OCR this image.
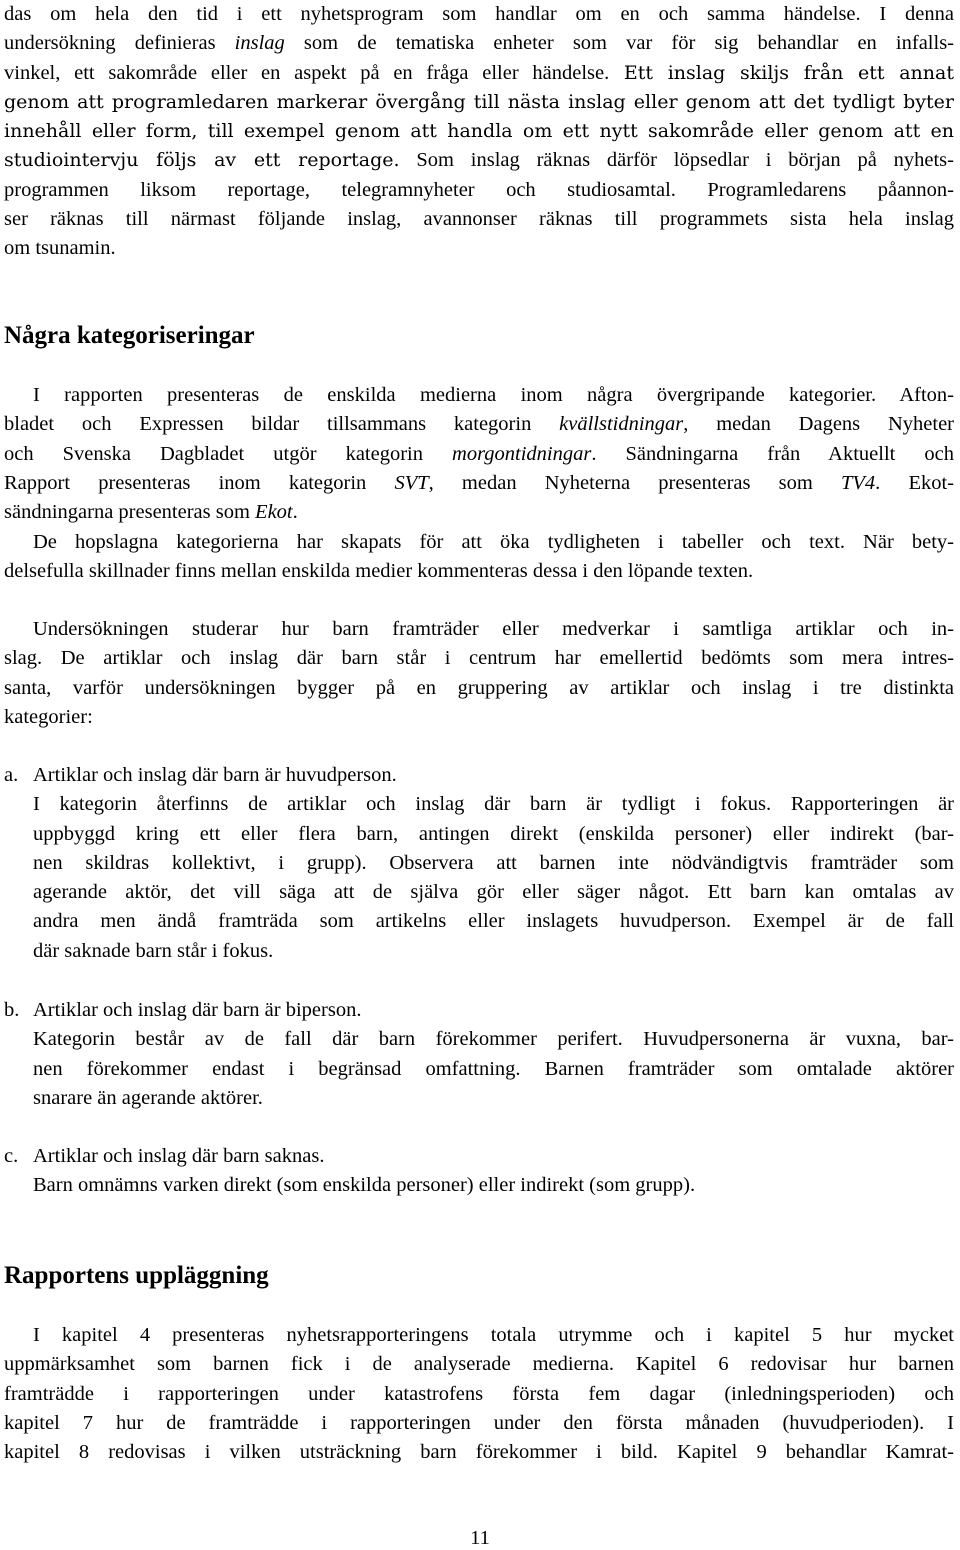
das om hela den tid i ett nyhetsprogram som handlar om en och samma händelse. I denna
undersökning definieras inslag som de tematiska enheter som var för sig behandlar en infalls-
vinkel, ett sakområde eller en aspekt på en fråga eller händelse. Ett inslag skiljs från ett annat
genom att programledaren markerar övergång till nästa inslag eller genom att det tydligt byter
innehåll eller form, till exempel genom att handla om ett nytt sakområde eller genom att en
studiointervju följs av ett reportage. Som inslag räknas därför löpsedlar i början på nyhets-
programmen liksom reportage, telegramnyheter och studiosamtal. Programledarens påannon-
ser räknas till närmast följande inslag, avannonser räknas till programmets sista hela inslag
om tsunamin.
Några kategoriseringar
I rapporten presenteras de enskilda medierna inom några övergripande kategorier. Afton-
bladet och Expressen bildar tillsammans kategorin kvällstidningar, medan Dagens Nyheter
och Svenska Dagbladet utgör kategorin morgontidningar. Sändningarna från Aktuellt och
Rapport presenteras inom kategorin SVT, medan Nyheterna presenteras som TV4. Ekot-
sändningarna presenteras som Ekot.
De hopslagna kategorierna har skapats för att öka tydligheten i tabeller och text. När bety-
delsefulla skillnader finns mellan enskilda medier kommenteras dessa i den löpande texten.
Undersökningen studerar hur barn framträder eller medverkar i samtliga artiklar och in-
slag. De artiklar och inslag där barn står i centrum har emellertid bedömts som mera intres-
santa, varför undersökningen bygger på en gruppering av artiklar och inslag i tre distinkta
kategorier:
a. Artiklar och inslag där barn är huvudperson.
I kategorin återfinns de artiklar och inslag där barn är tydligt i fokus. Rapporteringen är
uppbyggd kring ett eller flera barn, antingen direkt (enskilda personer) eller indirekt (bar-
nen skildras kollektivt, i grupp). Observera att barnen inte nödvändigtvis framträder som
agerande aktör, det vill säga att de själva gör eller säger något. Ett barn kan omtalas av
andra men ändå framträda som artikelns eller inslagets huvudperson. Exempel är de fall
där saknade barn står i fokus.
b. Artiklar och inslag där barn är biperson.
Kategorin består av de fall där barn förekommer perifert. Huvudpersonerna är vuxna, bar-
nen förekommer endast i begränsad omfattning. Barnen framträder som omtalade aktörer
snarare än agerande aktörer.
c. Artiklar och inslag där barn saknas.
Barn omnämns varken direkt (som enskilda personer) eller indirekt (som grupp).
Rapportens uppläggning
I kapitel 4 presenteras nyhetsrapporteringens totala utrymme och i kapitel 5 hur mycket
uppmärksamhet som barnen fick i de analyserade medierna. Kapitel 6 redovisar hur barnen
framträdde i rapporteringen under katastrofens första fem dagar (inledningsperioden) och
kapitel 7 hur de framträdde i rapporteringen under den första månaden (huvudperioden). I
kapitel 8 redovisas i vilken utsträckning barn förekommer i bild. Kapitel 9 behandlar Kamrat-
11
